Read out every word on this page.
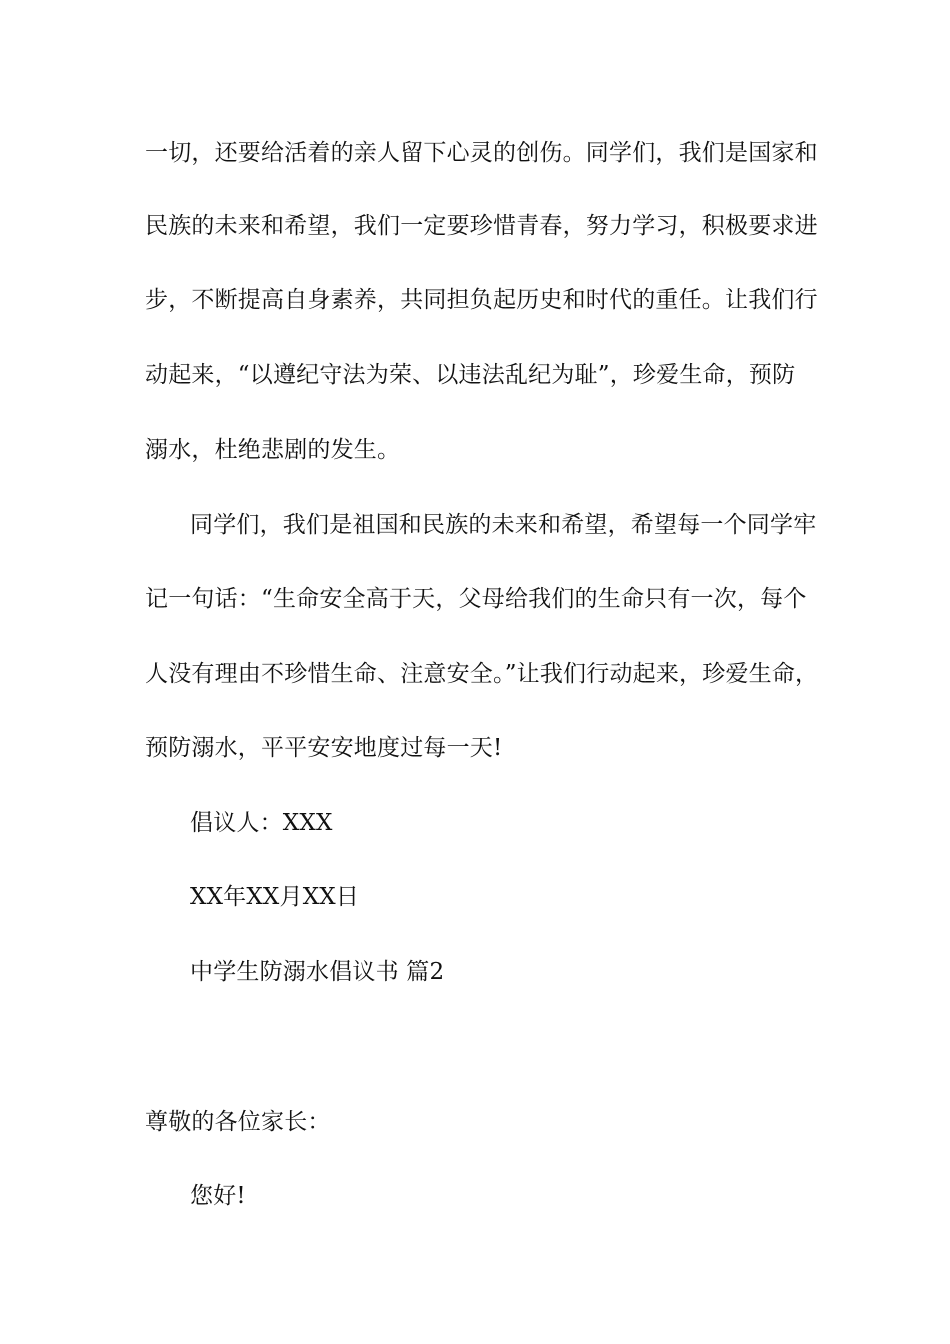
一切，还要给活着的亲人留下心灵的创伤。同学们，我们是国家和
民族的未来和希望，我们一定要珍惜青春，努力学习，积极要求进
步，不断提高自身素养，共同担负起历史和时代的重任。让我们行
动起来，“以遵纪守法为荣、以违法乱纪为耻”，珍爱生命，预防
溺水，杜绝悲剧的发生。
同学们，我们是祖国和民族的未来和希望，希望每一个同学牢
记一句话：“生命安全高于天，父母给我们的生命只有一次，每个
人没有理由不珍惜生命、注意安全。”让我们行动起来，珍爱生命，
预防溺水，平平安安地度过每一天!
倡议人：XXX
XX年XX月XX日
中学生防溺水倡议书 篇2
尊敬的各位家长：
您好!
